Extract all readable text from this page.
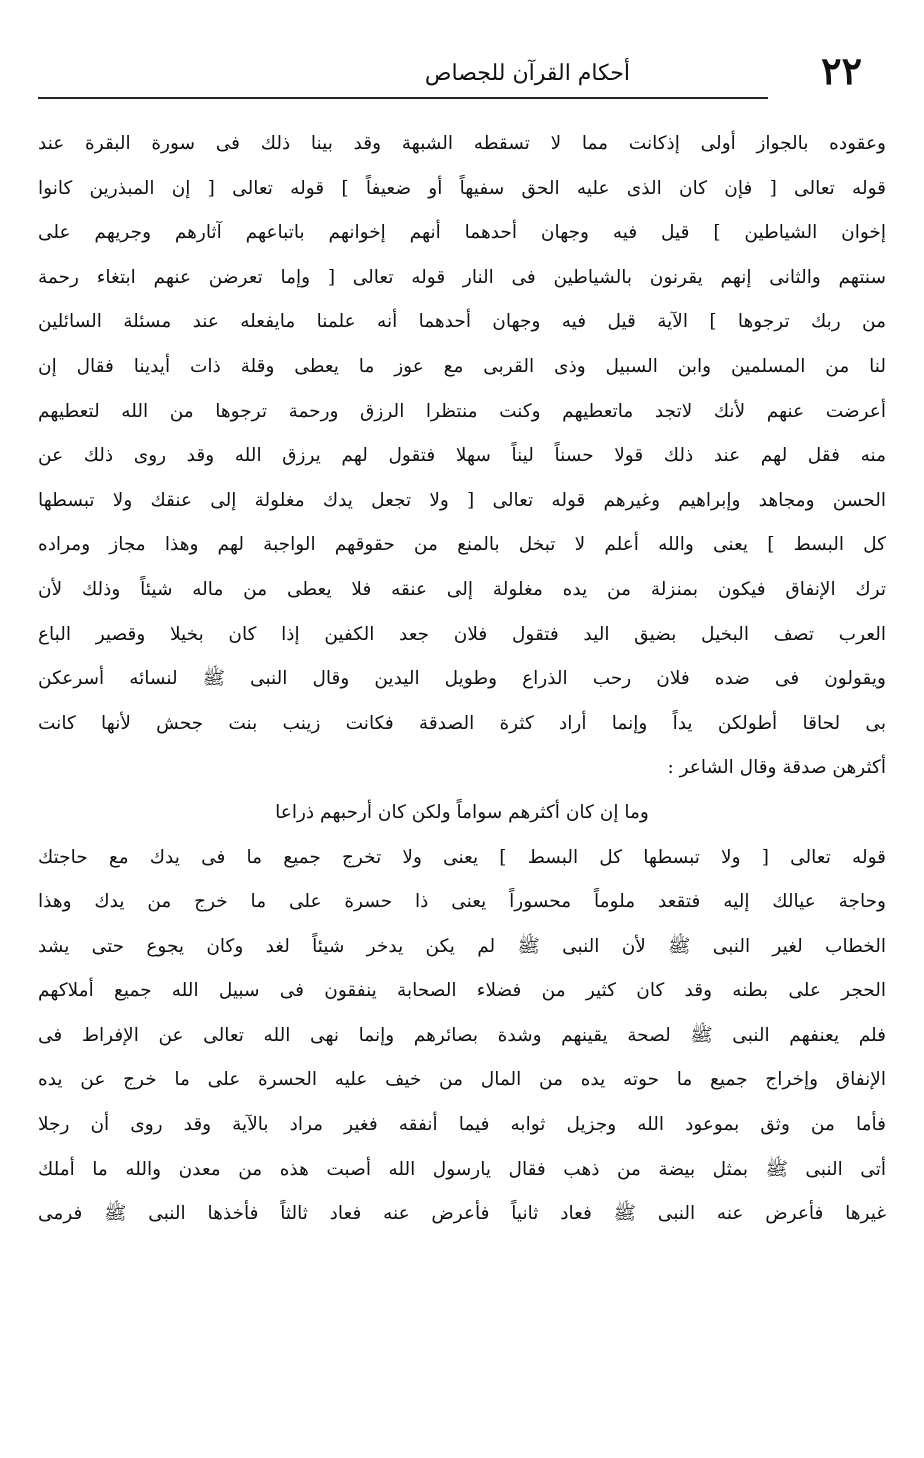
٢٢
أحكام القرآن للجصاص
وعقوده بالجواز أولى إذكانت مما لا تسقطه الشبهة وقد بينا ذلك فى سورة البقرة عند
قوله تعالى [ فإن كان الذى عليه الحق سفيهاً أو ضعيفاً ] قوله تعالى [ إن المبذرين كانوا
إخوان الشياطين ] قيل فيه وجهان أحدهما أنهم إخوانهم باتباعهم آثارهم وجريهم على
سنتهم والثانى إنهم يقرنون بالشياطين فى النار قوله تعالى [ وإما تعرضن عنهم ابتغاء رحمة
من ربك ترجوها ] الآية قيل فيه وجهان أحدهما أنه علمنا مايفعله عند مسئلة السائلين
لنا من المسلمين وابن السبيل وذى القربى مع عوز ما يعطى وقلة ذات أيدينا فقال إن
أعرضت عنهم لأنك لاتجد ماتعطيهم وكنت منتظرا الرزق ورحمة ترجوها من الله لتعطيهم
منه فقل لهم عند ذلك قولا حسناً ليناً سهلا فتقول لهم يرزق الله وقد روى ذلك عن
الحسن ومجاهد وإبراهيم وغيرهم قوله تعالى [ ولا تجعل يدك مغلولة إلى عنقك ولا تبسطها
كل البسط ] يعنى والله أعلم لا تبخل بالمنع من حقوقهم الواجبة لهم وهذا مجاز ومراده
ترك الإنفاق فيكون بمنزلة من يده مغلولة إلى عنقه فلا يعطى من ماله شيئاً وذلك لأن
العرب تصف البخيل بضيق اليد فتقول فلان جعد الكفين إذا كان بخيلا وقصير الباع
ويقولون فى ضده فلان رحب الذراع وطويل اليدين وقال النبى ﷺ لنسائه أسرعكن
بى لحاقا أطولكن يداً وإنما أراد كثرة الصدقة فكانت زينب بنت جحش لأنها كانت
أكثرهن صدقة وقال الشاعر :
وما إن كان أكثرهم سواماً ولكن كان أرحبهم ذراعا
قوله تعالى [ ولا تبسطها كل البسط ] يعنى ولا تخرج جميع ما فى يدك مع حاجتك
وحاجة عيالك إليه فتقعد ملوماً محسوراً يعنى ذا حسرة على ما خرج من يدك وهذا
الخطاب لغير النبى ﷺ لأن النبى ﷺ لم يكن يدخر شيئاً لغد وكان يجوع حتى يشد
الحجر على بطنه وقد كان كثير من فضلاء الصحابة ينفقون فى سبيل الله جميع أملاكهم
فلم يعنفهم النبى ﷺ لصحة يقينهم وشدة بصائرهم وإنما نهى الله تعالى عن الإفراط فى
الإنفاق وإخراج جميع ما حوته يده من المال من خيف عليه الحسرة على ما خرج عن يده
فأما من وثق بموعود الله وجزيل ثوابه فيما أنفقه فغير مراد بالآية وقد روى أن رجلا
أتى النبى ﷺ بمثل بيضة من ذهب فقال يارسول الله أصبت هذه من معدن والله ما أملك
غيرها فأعرض عنه النبى ﷺ فعاد ثانياً فأعرض عنه فعاد ثالثاً فأخذها النبى ﷺ فرمى
